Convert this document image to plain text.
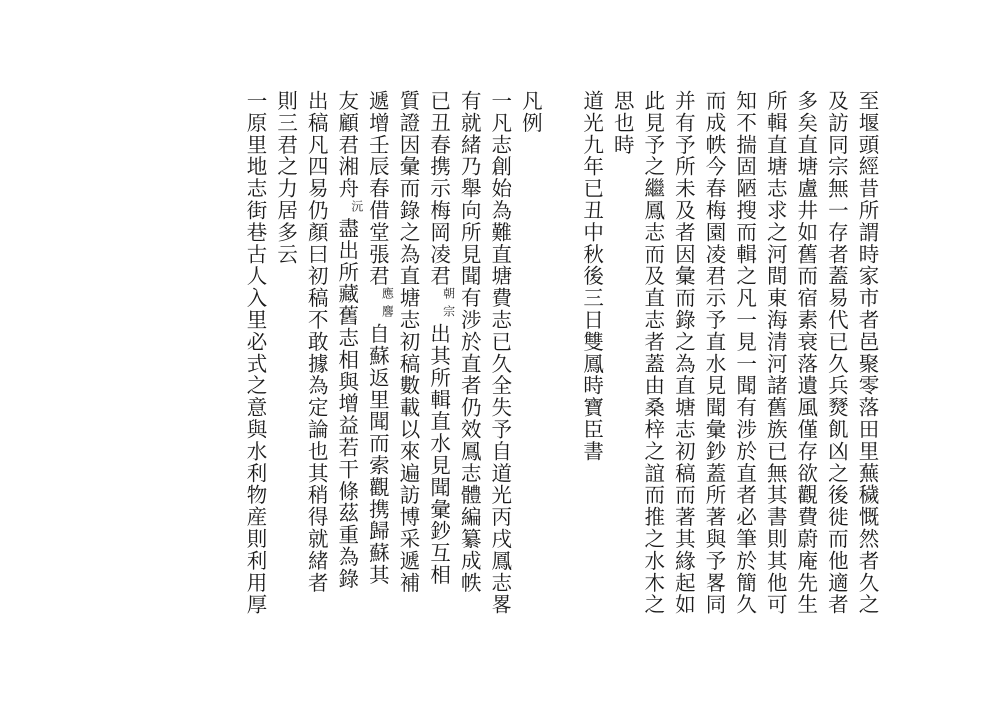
至堰頭經昔所謂時家市者邑聚零落田里蕪穢慨然者久之
及訪同宗無一存者蓋易代已久兵燹飢凶之後徙而他適者
多矣直塘盧井如舊而宿素衰落遺風僅存欲觀費蔚庵先生
所輯直塘志求之河間東海清河諸舊族已無其書則其他可
知不揣固陋搜而輯之凡一見一聞有涉於直者必筆於簡久
而成帙今春梅園凌君示予直水見聞彙鈔蓋所著與予畧同
并有予所未及者因彙而錄之為直塘志初稿而著其緣起如
此見予之繼鳳志而及直志者蓋由桑梓之誼而推之水木之
思也時
道光九年已丑中秋後三日雙鳳時寶臣書
凡例
一凡志創始為難直塘費志已久全失予自道光丙戌鳳志畧
有就緒乃舉向所見聞有涉於直者仍效鳳志體編纂成帙
已丑春携示梅岡凌君朝宗出其所輯直水見聞彙鈔互相
質證因彙而錄之為直塘志初稿數載以來遍訪博采遞補
遞增壬辰春借堂張君應麐自蘇返里聞而索觀携歸蘇其
友顧君湘舟沅盡出所藏舊志相與增益若干條茲重為錄
出稿凡四易仍顏曰初稿不敢據為定論也其稍得就緒者
則三君之力居多云
一原里地志街巷古人入里必式之意與水利物産則利用厚
